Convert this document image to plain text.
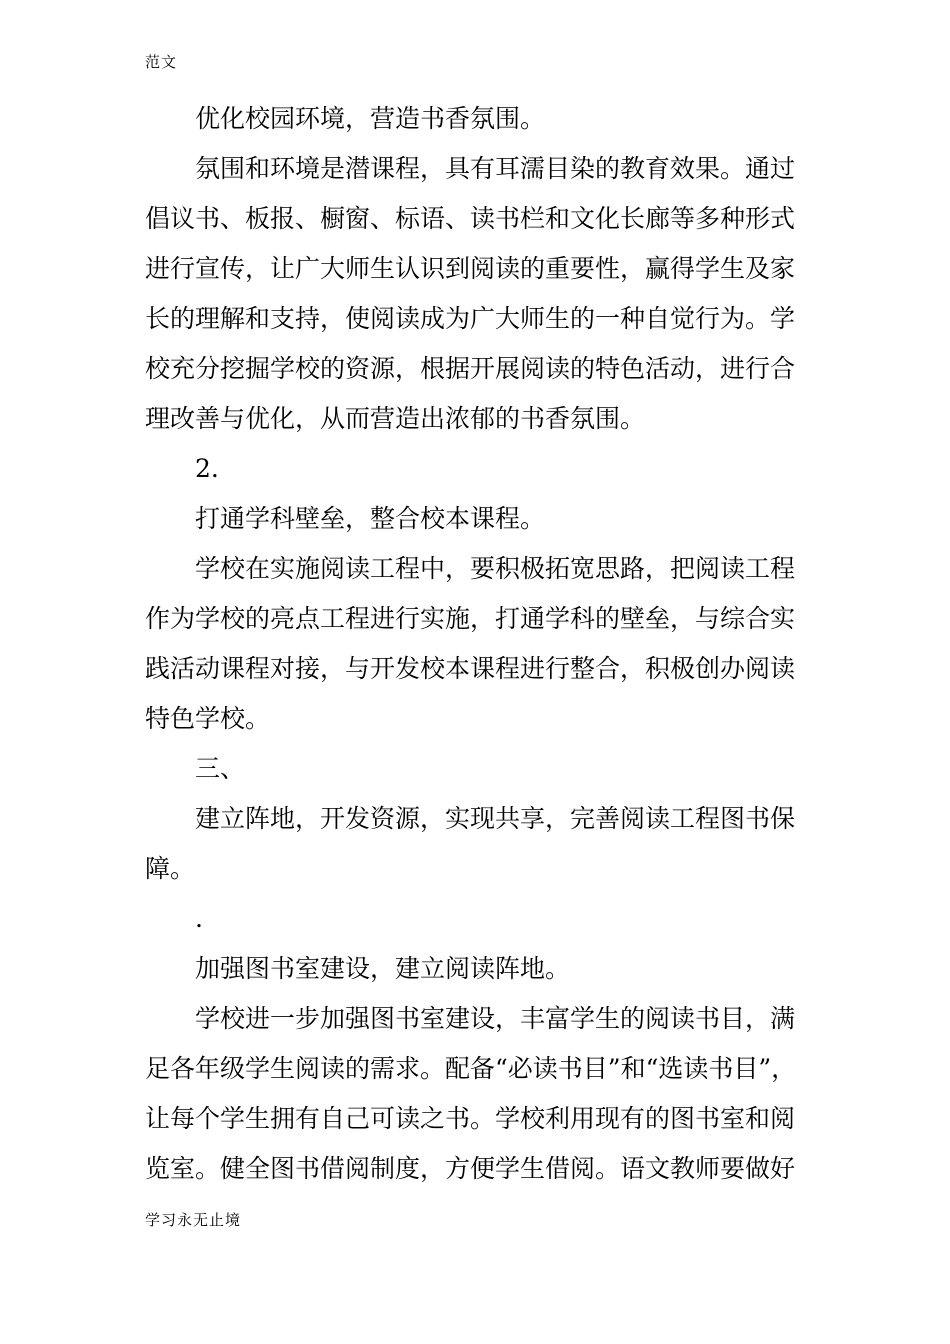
范文
优化校园环境，营造书香氛围。
氛围和环境是潜课程，具有耳濡目染的教育效果。通过
倡议书、板报、橱窗、标语、读书栏和文化长廊等多种形式
进行宣传，让广大师生认识到阅读的重要性，赢得学生及家
长的理解和支持，使阅读成为广大师生的一种自觉行为。学
校充分挖掘学校的资源，根据开展阅读的特色活动，进行合
理改善与优化，从而营造出浓郁的书香氛围。
2.
打通学科壁垒，整合校本课程。
学校在实施阅读工程中，要积极拓宽思路，把阅读工程
作为学校的亮点工程进行实施，打通学科的壁垒，与综合实
践活动课程对接，与开发校本课程进行整合，积极创办阅读
特色学校。
三、
建立阵地，开发资源，实现共享，完善阅读工程图书保
障。
.
加强图书室建设，建立阅读阵地。
学校进一步加强图书室建设，丰富学生的阅读书目，满
足各年级学生阅读的需求。配备“必读书目”和“选读书目”，
让每个学生拥有自己可读之书。学校利用现有的图书室和阅
览室。健全图书借阅制度，方便学生借阅。语文教师要做好
学习永无止境
